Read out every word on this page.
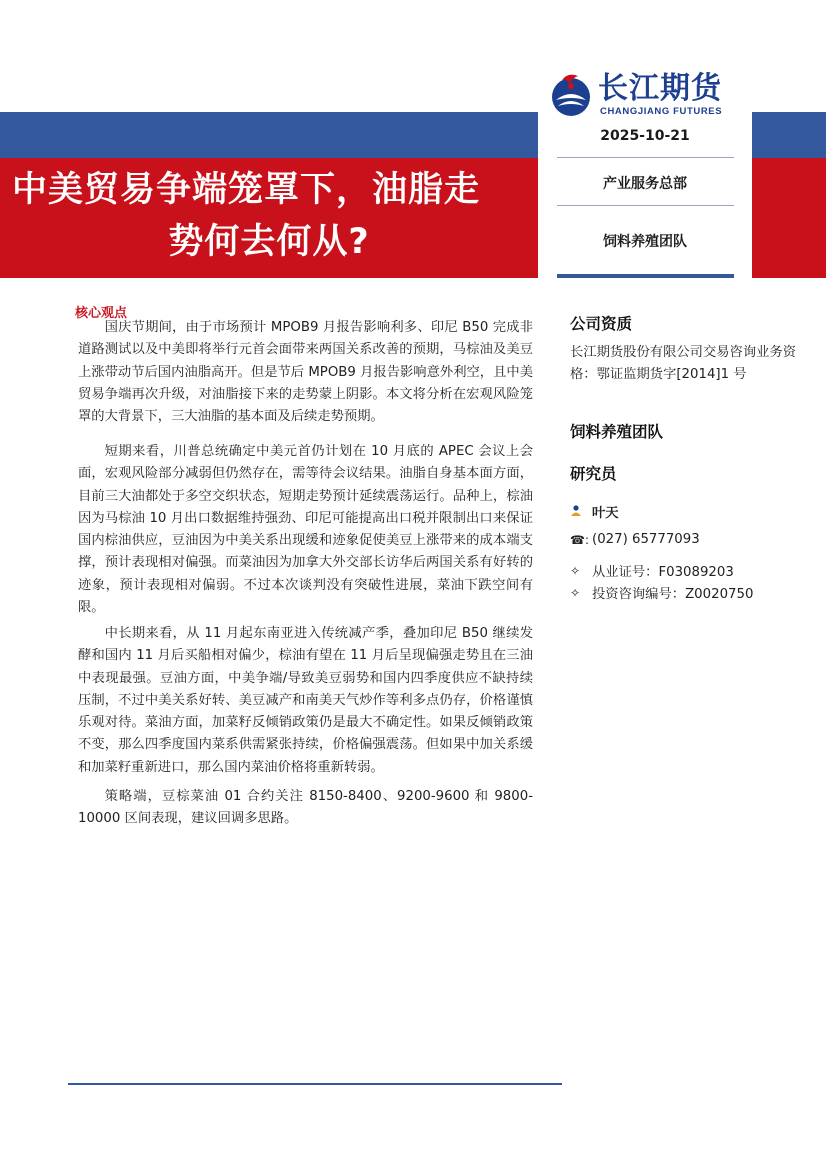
长江期货
CHANGJIANG FUTURES
中美贸易争端笼罩下，油脂走
势何去何从?
2025-10-21
产业服务总部
饲料养殖团队
核心观点
国庆节期间，由于市场预计 MPOB9 月报告影响利多、印尼 B50 完成非道路测试以及中美即将举行元首会面带来两国关系改善的预期，马棕油及美豆上涨带动节后国内油脂高开。但是节后 MPOB9 月报告影响意外利空，且中美贸易争端再次升级，对油脂接下来的走势蒙上阴影。本文将分析在宏观风险笼罩的大背景下，三大油脂的基本面及后续走势预期。
短期来看，川普总统确定中美元首仍计划在 10 月底的 APEC 会议上会面，宏观风险部分减弱但仍然存在，需等待会议结果。油脂自身基本面方面，目前三大油都处于多空交织状态，短期走势预计延续震荡运行。品种上，棕油因为马棕油 10 月出口数据维持强劲、印尼可能提高出口税并限制出口来保证国内棕油供应，豆油因为中美关系出现缓和迹象促使美豆上涨带来的成本端支撑，预计表现相对偏强。而菜油因为加拿大外交部长访华后两国关系有好转的迹象，预计表现相对偏弱。不过本次谈判没有突破性进展，菜油下跌空间有限。
中长期来看，从 11 月起东南亚进入传统减产季，叠加印尼 B50 继续发酵和国内 11 月后买船相对偏少，棕油有望在 11 月后呈现偏强走势且在三油中表现最强。豆油方面，中美争端/导致美豆弱势和国内四季度供应不缺持续压制，不过中美关系好转、美豆减产和南美天气炒作等利多点仍存，价格谨慎乐观对待。菜油方面，加菜籽反倾销政策仍是最大不确定性。如果反倾销政策不变，那么四季度国内菜系供需紧张持续，价格偏强震荡。但如果中加关系缓和加菜籽重新进口，那么国内菜油价格将重新转弱。
策略端，豆棕菜油 01 合约关注 8150-8400、9200-9600 和 9800-10000 区间表现，建议回调多思路。
公司资质
长江期货股份有限公司交易咨询业务资格：鄂证监期货字[2014]1 号
饲料养殖团队
研究员
叶天
☎: (027) 65777093
✧ 从业证号：F03089203
✧ 投资咨询编号：Z0020750
